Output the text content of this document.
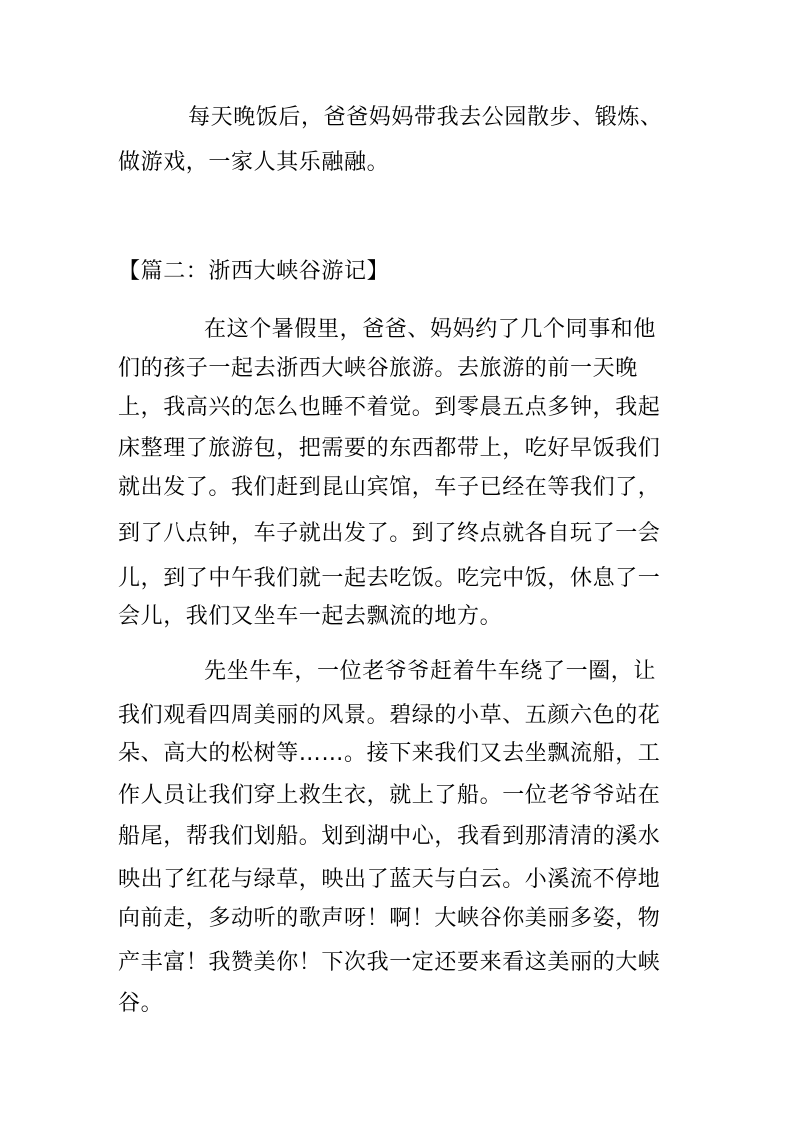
每天晚饭后，爸爸妈妈带我去公园散步、锻炼、
做游戏，一家人其乐融融。
【篇二：浙西大峡谷游记】
在这个暑假里，爸爸、妈妈约了几个同事和他
们的孩子一起去浙西大峡谷旅游。去旅游的前一天晚
上，我高兴的怎么也睡不着觉。到零晨五点多钟，我起
床整理了旅游包，把需要的东西都带上，吃好早饭我们
就出发了。我们赶到昆山宾馆，车子已经在等我们了，
到了八点钟，车子就出发了。到了终点就各自玩了一会
儿，到了中午我们就一起去吃饭。吃完中饭，休息了一
会儿，我们又坐车一起去飘流的地方。
先坐牛车，一位老爷爷赶着牛车绕了一圈，让
我们观看四周美丽的风景。碧绿的小草、五颜六色的花
朵、高大的松树等……。接下来我们又去坐飘流船，工
作人员让我们穿上救生衣，就上了船。一位老爷爷站在
船尾，帮我们划船。划到湖中心，我看到那清清的溪水
映出了红花与绿草，映出了蓝天与白云。小溪流不停地
向前走，多动听的歌声呀！啊！大峡谷你美丽多姿，物
产丰富！我赞美你！下次我一定还要来看这美丽的大峡
谷。
